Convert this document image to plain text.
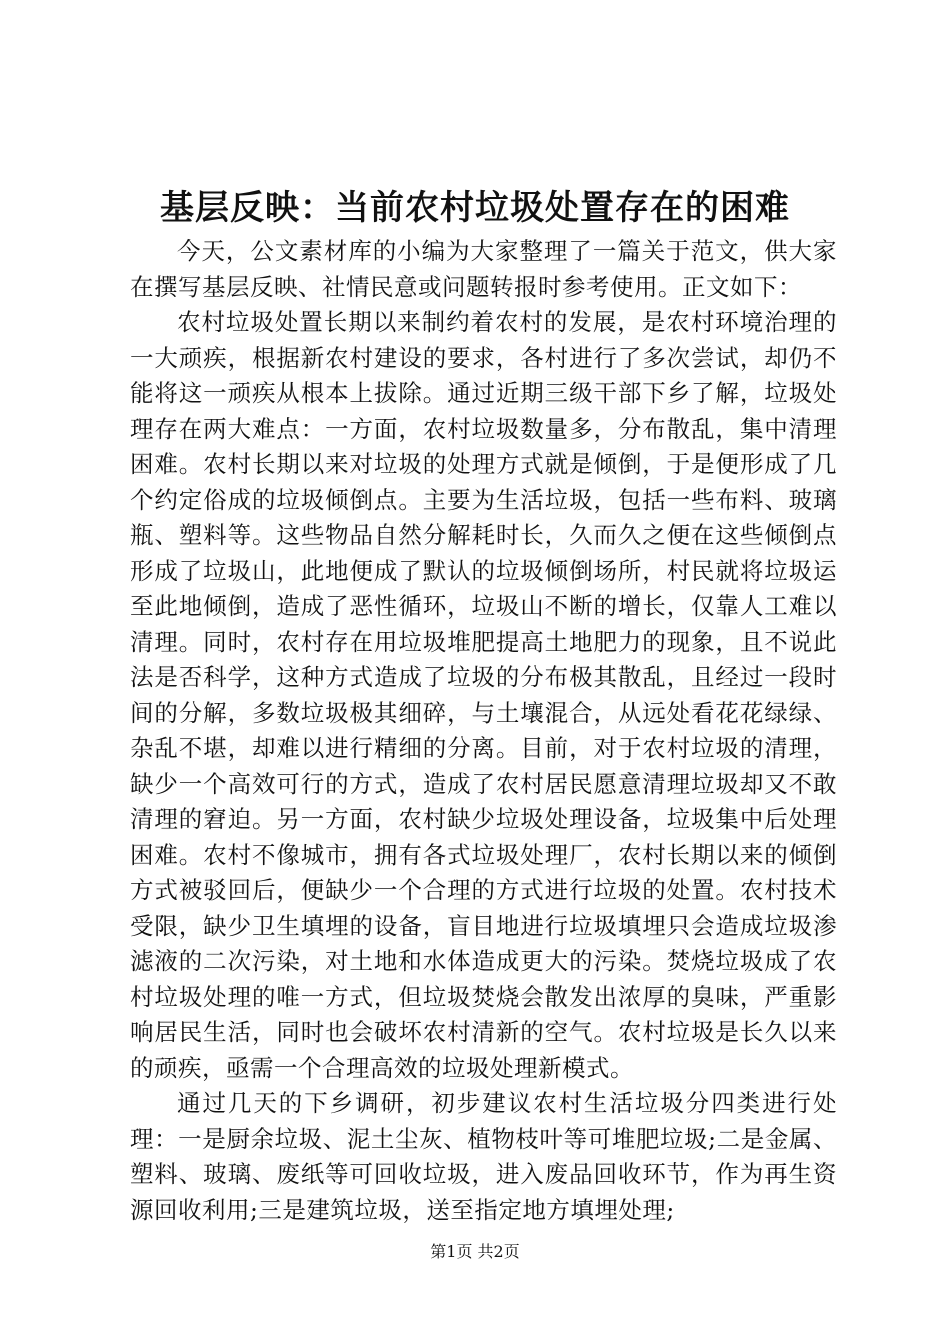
基层反映：当前农村垃圾处置存在的困难

今天，公文素材库的小编为大家整理了一篇关于范文，供大家在撰写基层反映、社情民意或问题转报时参考使用。正文如下：

农村垃圾处置长期以来制约着农村的发展，是农村环境治理的一大顽疾，根据新农村建设的要求，各村进行了多次尝试，却仍不能将这一顽疾从根本上拔除。通过近期三级干部下乡了解，垃圾处理存在两大难点：一方面，农村垃圾数量多，分布散乱，集中清理困难。农村长期以来对垃圾的处理方式就是倾倒，于是便形成了几个约定俗成的垃圾倾倒点。主要为生活垃圾，包括一些布料、玻璃瓶、塑料等。这些物品自然分解耗时长，久而久之便在这些倾倒点形成了垃圾山，此地便成了默认的垃圾倾倒场所，村民就将垃圾运至此地倾倒，造成了恶性循环，垃圾山不断的增长，仅靠人工难以清理。同时，农村存在用垃圾堆肥提高土地肥力的现象，且不说此法是否科学，这种方式造成了垃圾的分布极其散乱，且经过一段时间的分解，多数垃圾极其细碎，与土壤混合，从远处看花花绿绿、杂乱不堪，却难以进行精细的分离。目前，对于农村垃圾的清理，缺少一个高效可行的方式，造成了农村居民愿意清理垃圾却又不敢清理的窘迫。另一方面，农村缺少垃圾处理设备，垃圾集中后处理困难。农村不像城市，拥有各式垃圾处理厂，农村长期以来的倾倒方式被驳回后，便缺少一个合理的方式进行垃圾的处置。农村技术受限，缺少卫生填埋的设备，盲目地进行垃圾填埋只会造成垃圾渗滤液的二次污染，对土地和水体造成更大的污染。焚烧垃圾成了农村垃圾处理的唯一方式，但垃圾焚烧会散发出浓厚的臭味，严重影响居民生活，同时也会破坏农村清新的空气。农村垃圾是长久以来的顽疾，亟需一个合理高效的垃圾处理新模式。

通过几天的下乡调研，初步建议农村生活垃圾分四类进行处理：一是厨余垃圾、泥土尘灰、植物枝叶等可堆肥垃圾;二是金属、塑料、玻璃、废纸等可回收垃圾，进入废品回收环节，作为再生资源回收利用;三是建筑垃圾，送至指定地方填埋处理;

第1页 共2页
